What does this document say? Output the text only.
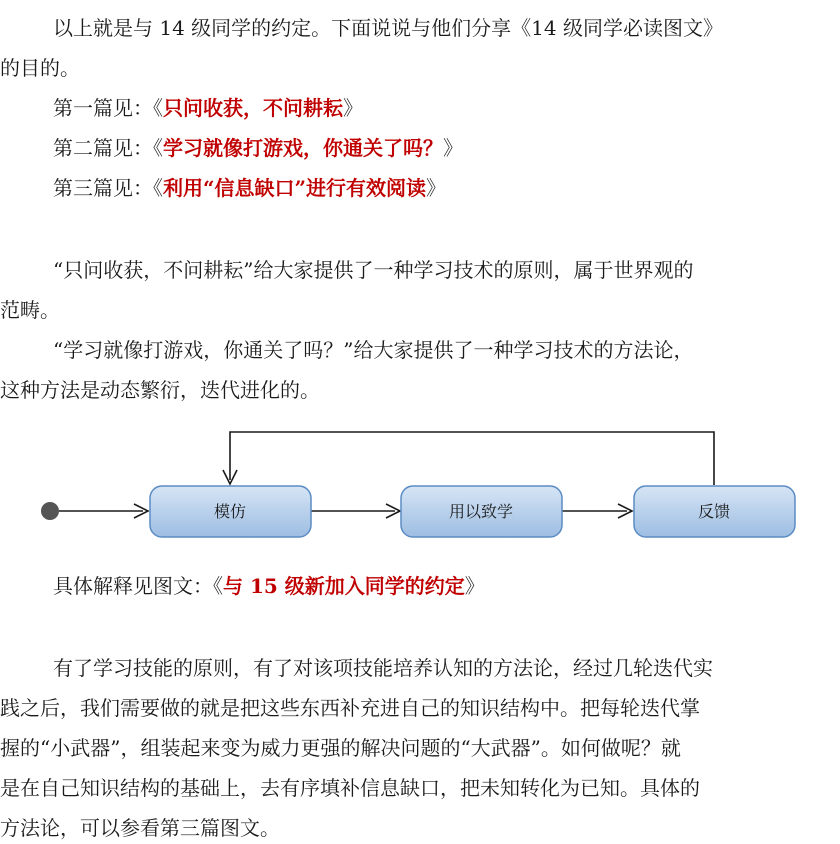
以上就是与 14 级同学的约定。下面说说与他们分享《14 级同学必读图文》
的目的。
第一篇见：《只问收获，不问耕耘》
第二篇见：《学习就像打游戏，你通关了吗？》
第三篇见：《利用“信息缺口”进行有效阅读》
“只问收获，不问耕耘”给大家提供了一种学习技术的原则，属于世界观的
范畴。
“学习就像打游戏，你通关了吗？”给大家提供了一种学习技术的方法论，
这种方法是动态繁衍，迭代进化的。
模仿	用以致学	反馈
具体解释见图文：《与 15 级新加入同学的约定》
有了学习技能的原则，有了对该项技能培养认知的方法论，经过几轮迭代实
践之后，我们需要做的就是把这些东西补充进自己的知识结构中。把每轮迭代掌
握的“小武器”，组装起来变为威力更强的解决问题的“大武器”。如何做呢？就
是在自己知识结构的基础上，去有序填补信息缺口，把未知转化为已知。具体的
方法论，可以参看第三篇图文。
